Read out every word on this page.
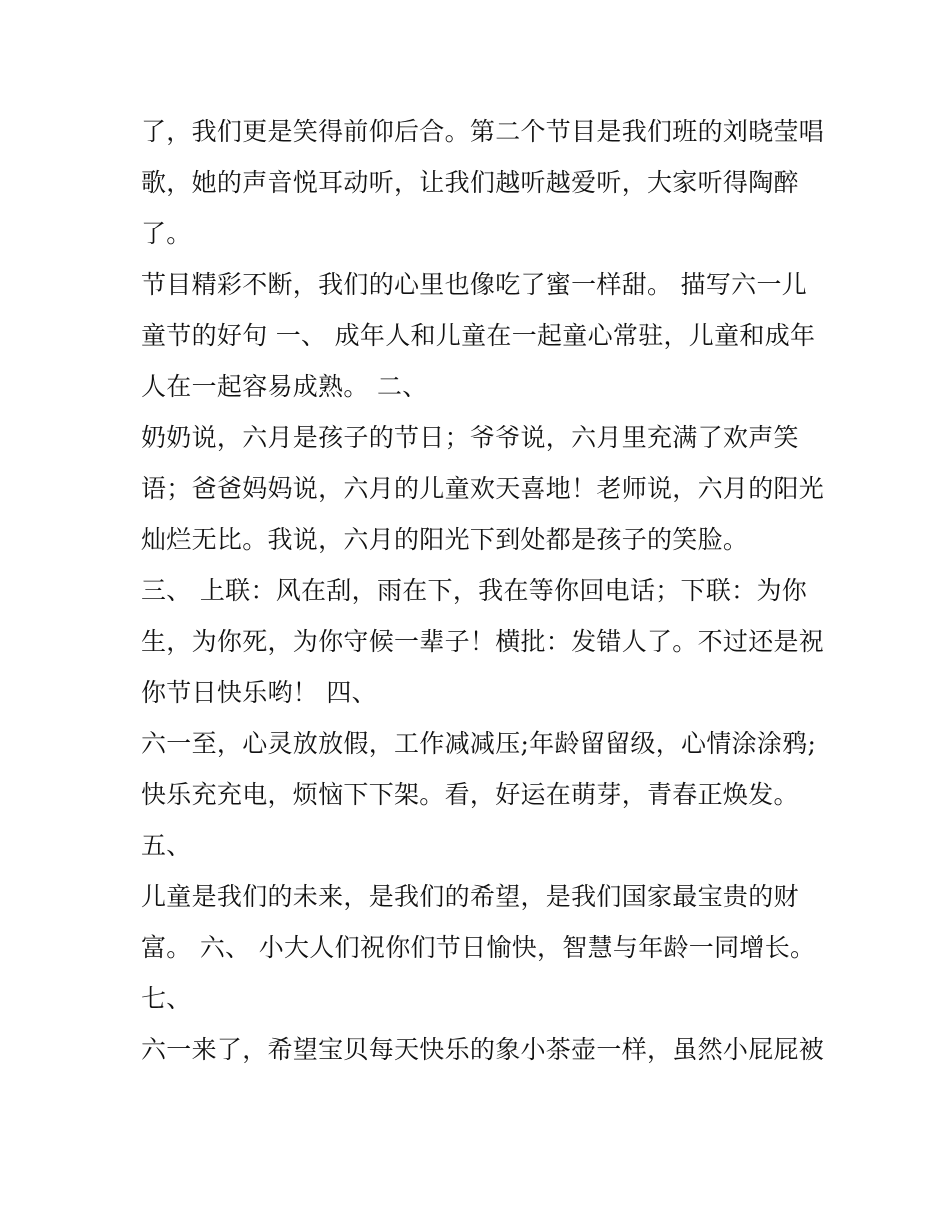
了，我们更是笑得前仰后合。第二个节目是我们班的刘晓莹唱
歌，她的声音悦耳动听，让我们越听越爱听，大家听得陶醉
了。
节目精彩不断，我们的心里也像吃了蜜一样甜。 描写六一儿
童节的好句 一、 成年人和儿童在一起童心常驻，儿童和成年
人在一起容易成熟。 二、
奶奶说，六月是孩子的节日；爷爷说，六月里充满了欢声笑
语；爸爸妈妈说，六月的儿童欢天喜地！老师说，六月的阳光
灿烂无比。我说，六月的阳光下到处都是孩子的笑脸。
三、 上联：风在刮，雨在下，我在等你回电话；下联：为你
生，为你死，为你守候一辈子！横批：发错人了。不过还是祝
你节日快乐哟！ 四、
六一至，心灵放放假，工作减减压;年龄留留级，心情涂涂鸦;
快乐充充电，烦恼下下架。看，好运在萌芽，青春正焕发。
五、
儿童是我们的未来，是我们的希望，是我们国家最宝贵的财
富。 六、 小大人们祝你们节日愉快，智慧与年龄一同增长。
七、
六一来了，希望宝贝每天快乐的象小茶壶一样，虽然小屁屁被
